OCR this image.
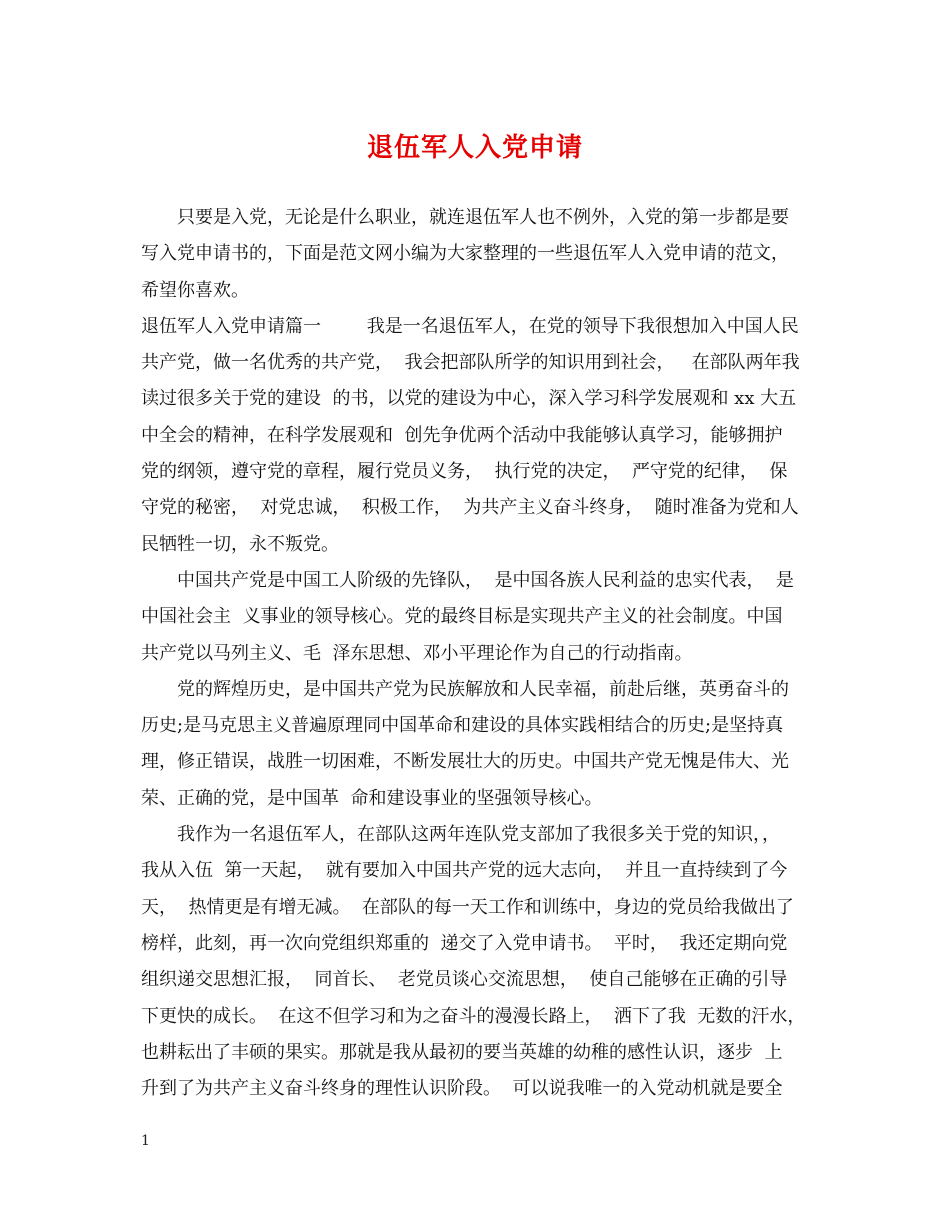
退伍军人入党申请
只要是入党，无论是什么职业，就连退伍军人也不例外，入党的第一步都是要
写入党申请书的，下面是范文网小编为大家整理的一些退伍军人入党申请的范文，
希望你喜欢。
退伍军人入党申请篇一        我是一名退伍军人，在党的领导下我很想加入中国人民
共产党，做一名优秀的共产党，  我会把部队所学的知识用到社会，   在部队两年我
读过很多关于党的建设  的书，以党的建设为中心，深入学习科学发展观和 xx 大五
中全会的精神，在科学发展观和  创先争优两个活动中我能够认真学习，能够拥护
党的纲领，遵守党的章程，履行党员义务，  执行党的决定，  严守党的纪律，  保
守党的秘密，  对党忠诚，  积极工作，  为共产主义奋斗终身，  随时准备为党和人
民牺牲一切，永不叛党。
中国共产党是中国工人阶级的先锋队，  是中国各族人民利益的忠实代表，  是
中国社会主  义事业的领导核心。党的最终目标是实现共产主义的社会制度。中国
共产党以马列主义、毛  泽东思想、邓小平理论作为自己的行动指南。
党的辉煌历史，是中国共产党为民族解放和人民幸福，前赴后继，英勇奋斗的
历史;是马克思主义普遍原理同中国革命和建设的具体实践相结合的历史;是坚持真
理，修正错误，战胜一切困难，不断发展壮大的历史。中国共产党无愧是伟大、光
荣、正确的党，是中国革  命和建设事业的坚强领导核心。
我作为一名退伍军人，在部队这两年连队党支部加了我很多关于党的知识，，
我从入伍  第一天起，  就有要加入中国共产党的远大志向，  并且一直持续到了今
天，  热情更是有增无减。  在部队的每一天工作和训练中，身边的党员给我做出了
榜样，此刻，再一次向党组织郑重的  递交了入党申请书。  平时，  我还定期向党
组织递交思想汇报，  同首长、  老党员谈心交流思想，  使自己能够在正确的引导
下更快的成长。  在这不但学习和为之奋斗的漫漫长路上，  洒下了我  无数的汗水，
也耕耘出了丰硕的果实。那就是我从最初的要当英雄的幼稚的感性认识，逐步  上
升到了为共产主义奋斗终身的理性认识阶段。  可以说我唯一的入党动机就是要全
1
